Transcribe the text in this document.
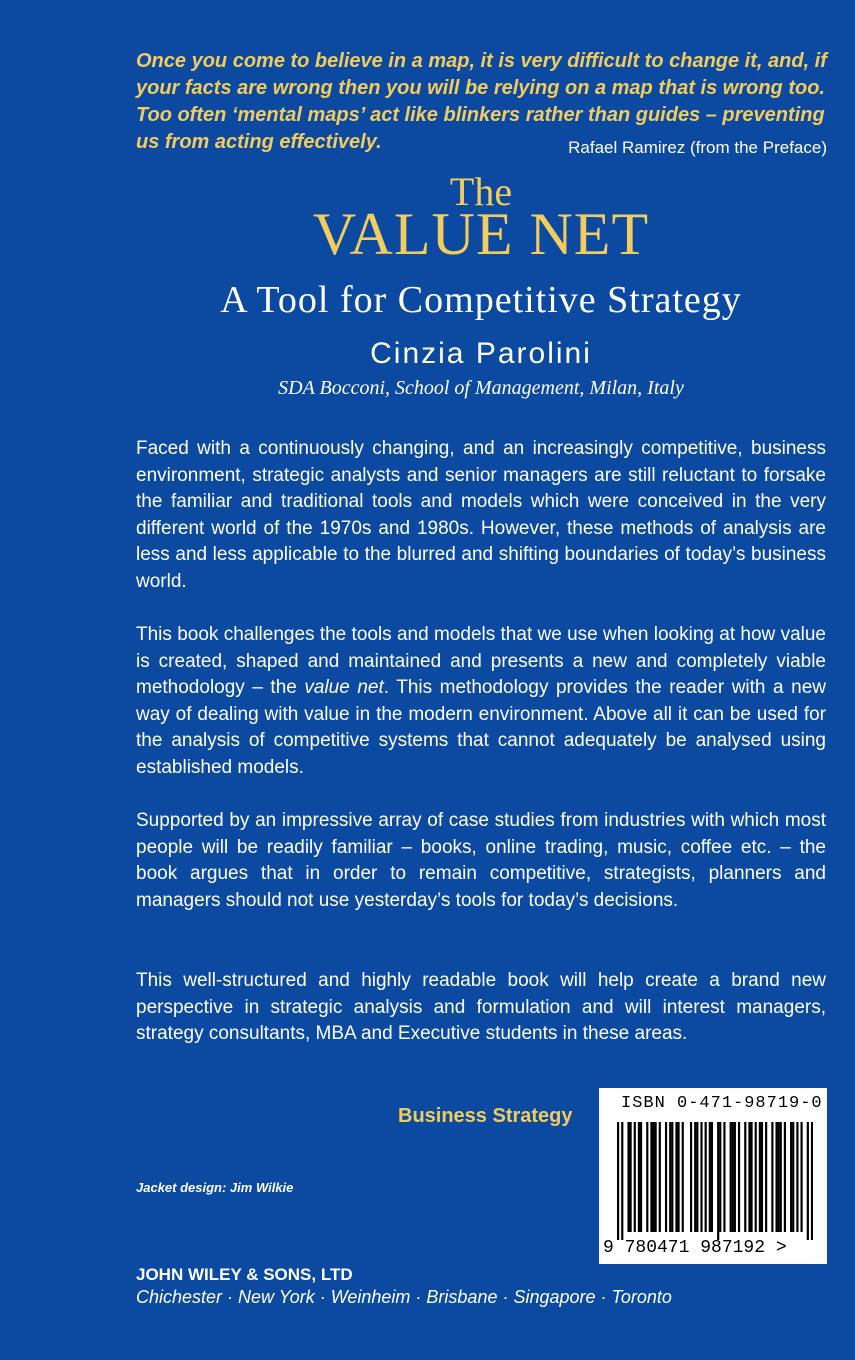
Once you come to believe in a map, it is very difficult to change it, and, if your facts are wrong then you will be relying on a map that is wrong too. Too often ‘mental maps’ act like blinkers rather than guides – preventing us from acting effectively.	Rafael Ramirez (from the Preface)
The
VALUE NET
A Tool for Competitive Strategy
Cinzia Parolini
SDA Bocconi, School of Management, Milan, Italy
Faced with a continuously changing, and an increasingly competitive, business environment, strategic analysts and senior managers are still reluctant to forsake the familiar and traditional tools and models which were conceived in the very different world of the 1970s and 1980s. However, these methods of analysis are less and less applicable to the blurred and shifting boundaries of today’s business world.
This book challenges the tools and models that we use when looking at how value is created, shaped and maintained and presents a new and completely viable methodology – the value net. This methodology provides the reader with a new way of dealing with value in the modern environment. Above all it can be used for the analysis of competitive systems that cannot adequately be analysed using established models.
Supported by an impressive array of case studies from industries with which most people will be readily familiar – books, online trading, music, coffee etc. – the book argues that in order to remain competitive, strategists, planners and managers should not use yesterday’s tools for today’s decisions.
This well-structured and highly readable book will help create a brand new perspective in strategic analysis and formulation and will interest managers, strategy consultants, MBA and Executive students in these areas.
Business Strategy
ISBN 0-471-98719-0
9 780471 987192 >
Jacket design: Jim Wilkie
JOHN WILEY & SONS, LTD
Chichester · New York · Weinheim · Brisbane · Singapore · Toronto
